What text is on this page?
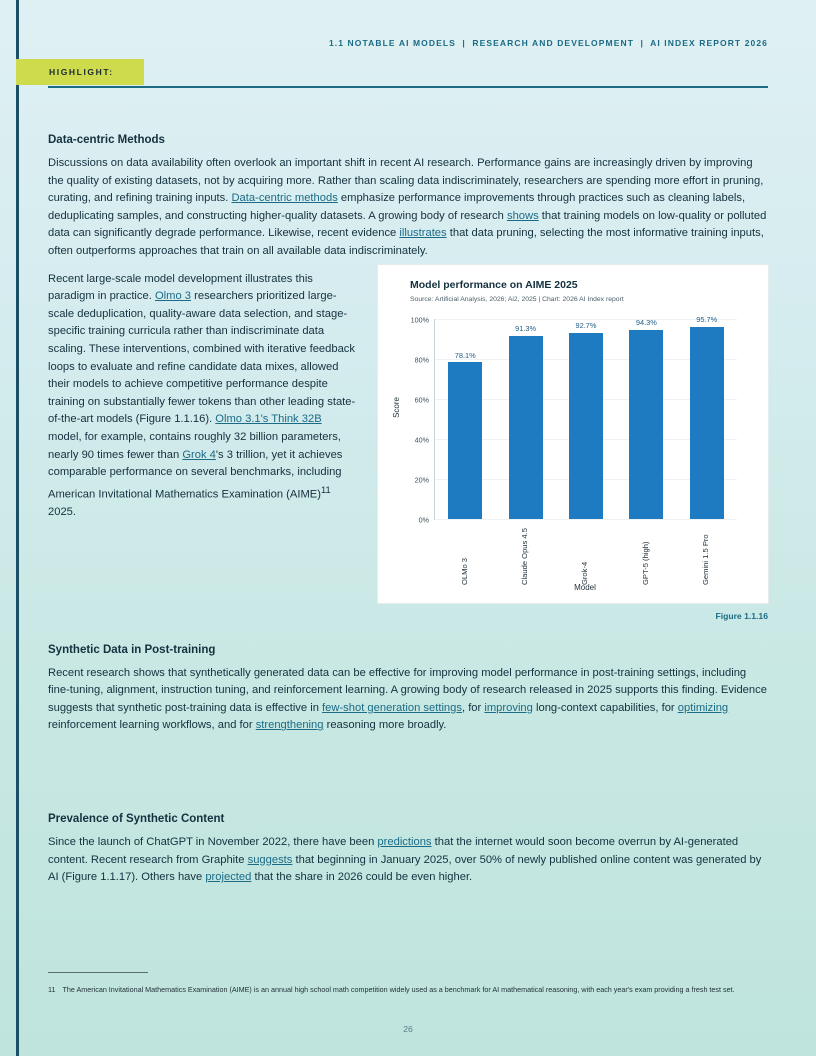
1.1 NOTABLE AI MODELS | RESEARCH AND DEVELOPMENT | AI INDEX REPORT 2026
HIGHLIGHT:
Data-centric Methods

Discussions on data availability often overlook an important shift in recent AI research. Performance gains are increasingly driven by improving the quality of existing datasets, not by acquiring more. Rather than scaling data indiscriminately, researchers are spending more effort in pruning, curating, and refining training inputs. Data-centric methods emphasize performance improvements through practices such as cleaning labels, deduplicating samples, and constructing higher-quality datasets. A growing body of research shows that training models on low-quality or polluted data can significantly degrade performance. Likewise, recent evidence illustrates that data pruning, selecting the most informative training inputs, often outperforms approaches that train on all available data indiscriminately.

Recent large-scale model development illustrates this paradigm in practice. Olmo 3 researchers prioritized large-scale deduplication, quality-aware data selection, and stage-specific training curricula rather than indiscriminate data scaling. These interventions, combined with iterative feedback loops to evaluate and refine candidate data mixes, allowed their models to achieve competitive performance despite training on substantially fewer tokens than other leading state-of-the-art models (Figure 1.1.16). Olmo 3.1's Think 32B model, for example, contains roughly 32 billion parameters, nearly 90 times fewer than Grok 4's 3 trillion, yet it achieves comparable performance on several benchmarks, including American Invitational Mathematics Examination (AIME)$^{11}$ 2025.
Model performance on AIME 2025
Source: Artificial Analysis, 2026; Ai2, 2025 | Chart: 2026 AI Index report
Score
100%
80%
60%
40%
20%
0%
78.1%
91.3%	92.7%	94.3%	95.7%
OLMo 3	Claude Opus 4.5	Grok-4	GPT-5 (high)	Gemini 1.5 Pro
Model
Figure 1.1.16
Synthetic Data in Post-training

Recent research shows that synthetically generated data can be effective for improving model performance in post-training settings, including fine-tuning, alignment, instruction tuning, and reinforcement learning. A growing body of research released in 2025 supports this finding. Evidence suggests that synthetic post-training data is effective in few-shot generation settings, for improving long-context capabilities, for optimizing reinforcement learning workflows, and for strengthening reasoning more broadly.

Prevalence of Synthetic Content

Since the launch of ChatGPT in November 2022, there have been predictions that the internet would soon become overrun by AI-generated content. Recent research from Graphite suggests that beginning in January 2025, over 50% of newly published online content was generated by AI (Figure 1.1.17). Others have projected that the share in 2026 could be even higher.

11 The American Invitational Mathematics Examination (AIME) is an annual high school math competition widely used as a benchmark for AI mathematical reasoning, with each year's exam providing a fresh test set.
26
